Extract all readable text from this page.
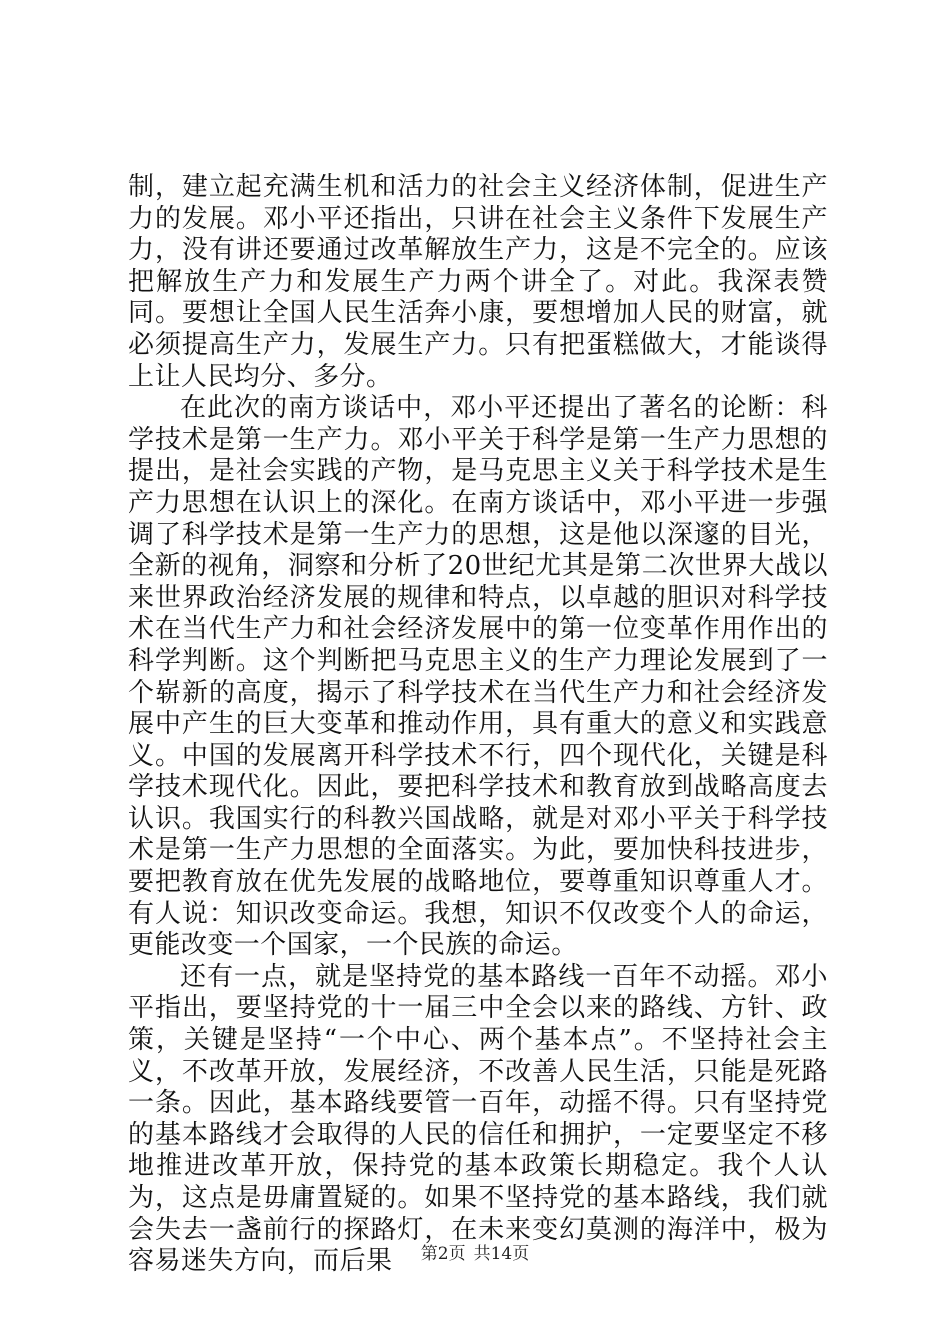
制，建立起充满生机和活力的社会主义经济体制，促进生产力的发展。邓小平还指出，只讲在社会主义条件下发展生产力，没有讲还要通过改革解放生产力，这是不完全的。应该把解放生产力和发展生产力两个讲全了。对此。我深表赞同。要想让全国人民生活奔小康，要想增加人民的财富，就必须提高生产力，发展生产力。只有把蛋糕做大，才能谈得上让人民均分、多分。

在此次的南方谈话中，邓小平还提出了著名的论断：科学技术是第一生产力。邓小平关于科学是第一生产力思想的提出，是社会实践的产物，是马克思主义关于科学技术是生产力思想在认识上的深化。在南方谈话中，邓小平进一步强调了科学技术是第一生产力的思想，这是他以深邃的目光，全新的视角，洞察和分析了20世纪尤其是第二次世界大战以来世界政治经济发展的规律和特点，以卓越的胆识对科学技术在当代生产力和社会经济发展中的第一位变革作用作出的科学判断。这个判断把马克思主义的生产力理论发展到了一个崭新的高度，揭示了科学技术在当代生产力和社会经济发展中产生的巨大变革和推动作用，具有重大的意义和实践意义。中国的发展离开科学技术不行，四个现代化，关键是科学技术现代化。因此，要把科学技术和教育放到战略高度去认识。我国实行的科教兴国战略，就是对邓小平关于科学技术是第一生产力思想的全面落实。为此，要加快科技进步，要把教育放在优先发展的战略地位，要尊重知识尊重人才。有人说：知识改变命运。我想，知识不仅改变个人的命运，更能改变一个国家，一个民族的命运。

还有一点，就是坚持党的基本路线一百年不动摇。邓小平指出，要坚持党的十一届三中全会以来的路线、方针、政策，关键是坚持“一个中心、两个基本点”。不坚持社会主义，不改革开放，发展经济，不改善人民生活，只能是死路一条。因此，基本路线要管一百年，动摇不得。只有坚持党的基本路线才会取得的人民的信任和拥护，一定要坚定不移地推进改革开放，保持党的基本政策长期稳定。我个人认为，这点是毋庸置疑的。如果不坚持党的基本路线，我们就会失去一盏前行的探路灯，在未来变幻莫测的海洋中，极为容易迷失方向，而后果	第2页 共14页
